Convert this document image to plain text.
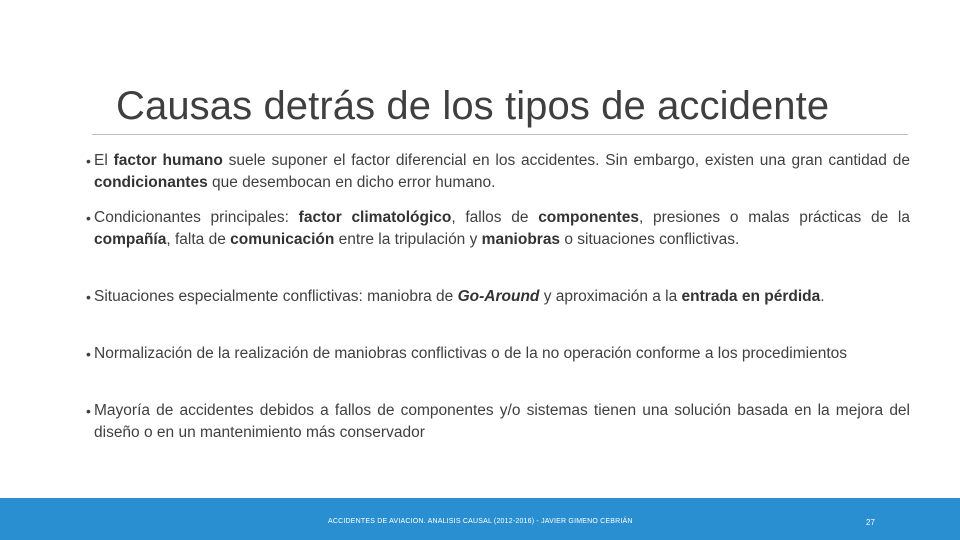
Causas detrás de los tipos de accidente
• El factor humano suele suponer el factor diferencial en los accidentes. Sin embargo, existen una gran cantidad de condicionantes que desembocan en dicho error humano.
• Condicionantes principales: factor climatológico, fallos de componentes, presiones o malas prácticas de la compañía, falta de comunicación entre la tripulación y maniobras o situaciones conflictivas.
• Situaciones especialmente conflictivas: maniobra de Go-Around y aproximación a la entrada en pérdida.
• Normalización de la realización de maniobras conflictivas o de la no operación conforme a los procedimientos
• Mayoría de accidentes debidos a fallos de componentes y/o sistemas tienen una solución basada en la mejora del diseño o en un mantenimiento más conservador
ACCIDENTES DE AVIACION. ANALISIS CAUSAL (2012-2016) - JAVIER GIMENO CEBRIÁN	27
